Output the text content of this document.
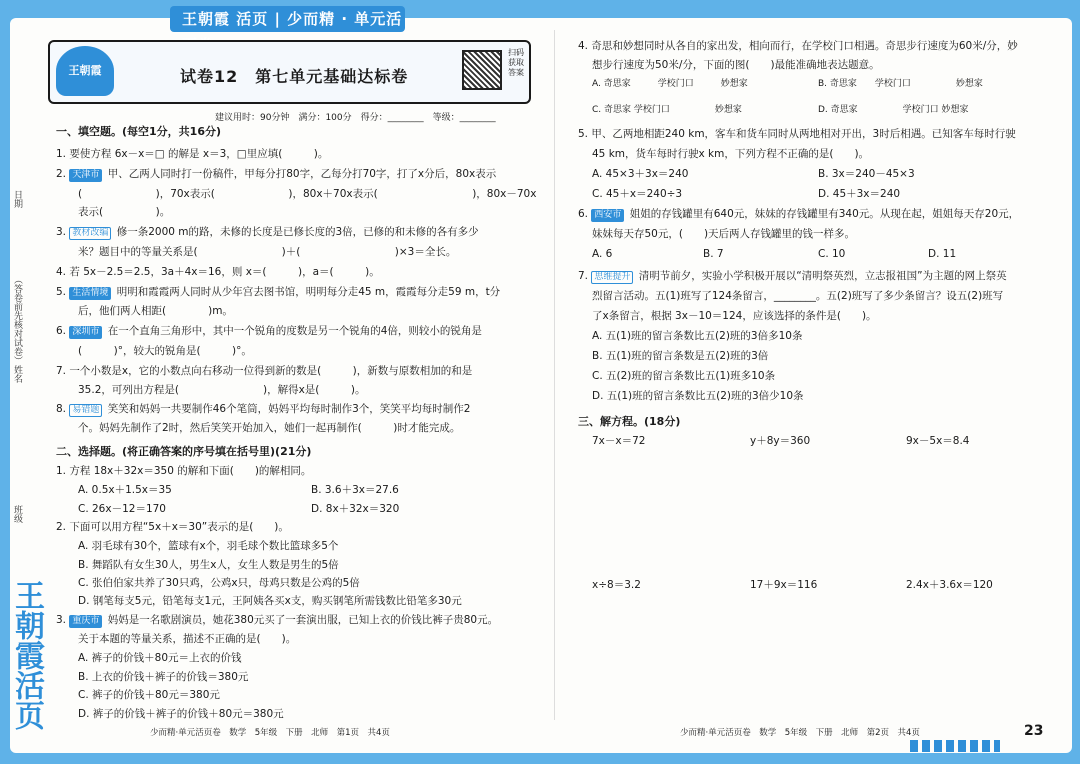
王朝霞 活页 | 少而精 · 单元活
王朝霞	试卷12　第七单元基础达标卷
扫码获取答案
建议用时：90分钟　满分：100分　得分：________　等级：________
日期
（答卷前先核对试卷）
姓名
班级
王朝霞活页
一、填空题。(每空1分，共16分)
1. 要使方程 6x－x＝□ 的解是 x＝3，□里应填(　　　)。
2. 天津市 甲、乙两人同时打一份稿件，甲每分打80字，乙每分打70字，打了x分后，80x表示
(　　　　　　　)，70x表示(　　　　　　　)，80x＋70x表示(　　　　　　　　　)，80x－70x
表示(　　　　　)。
3. 教材改编 修一条2000 m的路，未修的长度是已修长度的3倍，已修的和未修的各有多少
米？题目中的等量关系是(　　　　　　　　)＋(　　　　　　　　　)×3＝全长。
4. 若 5x－2.5＝2.5，3a＋4x＝16，则 x＝(　　　)，a＝(　　　)。
5. 生活情境 明明和霞霞两人同时从少年宫去图书馆，明明每分走45 m，霞霞每分走59 m，t分
后，他们两人相距(　　　　)m。
6. 深圳市 在一个直角三角形中，其中一个锐角的度数是另一个锐角的4倍，则较小的锐角是
(　　　)°，较大的锐角是(　　　)°。
7. 一个小数是x，它的小数点向右移动一位得到新的数是(　　　)，新数与原数相加的和是
35.2，可列出方程是(　　　　　　　　)，解得x是(　　　)。
8. 易错题 笑笑和妈妈一共要制作46个笔筒，妈妈平均每时制作3个，笑笑平均每时制作2
个。妈妈先制作了2时，然后笑笑开始加入，她们一起再制作(　　　)时才能完成。
二、选择题。(将正确答案的序号填在括号里)(21分)
1. 方程 18x＋32x＝350 的解和下面(　　)的解相同。
A. 0.5x＋1.5x＝35	B. 3.6＋3x＝27.6
C. 26x－12＝170	D. 8x＋32x＝320
2. 下面可以用方程“5x＋x＝30”表示的是(　　)。
A. 羽毛球有30个，篮球有x个，羽毛球个数比篮球多5个
B. 舞蹈队有女生30人，男生x人，女生人数是男生的5倍
C. 张伯伯家共养了30只鸡，公鸡x只，母鸡只数是公鸡的5倍
D. 钢笔每支5元，铅笔每支1元，王阿姨各买x支，购买钢笔所需钱数比铅笔多30元
3. 重庆市 妈妈是一名歌剧演员，她花380元买了一套演出服，已知上衣的价钱比裤子贵80元。
关于本题的等量关系，描述不正确的是(　　)。
A. 裤子的价钱＋80元＝上衣的价钱
B. 上衣的价钱＋裤子的价钱＝380元
C. 裤子的价钱＋80元＝380元
D. 裤子的价钱＋裤子的价钱＋80元＝380元
4. 奇思和妙想同时从各自的家出发，相向而行，在学校门口相遇。奇思步行速度为60米/分，妙
想步行速度为50米/分，下面的图(　　)最能准确地表达题意。
A. 奇思家　　　学校门口　　　妙想家	B. 奇思家　　学校门口　　　　　妙想家
C. 奇思家 学校门口　　　　　妙想家	D. 奇思家　　　　　学校门口 妙想家
5. 甲、乙两地相距240 km，客车和货车同时从两地相对开出，3时后相遇。已知客车每时行驶
45 km，货车每时行驶x km，下列方程不正确的是(　　)。
A. 45×3＋3x＝240	B. 3x＝240－45×3
C. 45＋x＝240÷3	D. 45＋3x＝240
6. 西安市 姐姐的存钱罐里有640元，妹妹的存钱罐里有340元。从现在起，姐姐每天存20元，
妹妹每天存50元，(　　)天后两人存钱罐里的钱一样多。
A. 6	B. 7	C. 10	D. 11
7. 思维提升 清明节前夕，实验小学积极开展以“清明祭英烈，立志报祖国”为主题的网上祭英
烈留言活动。五(1)班写了124条留言，________。五(2)班写了多少条留言？设五(2)班写
了x条留言，根据 3x－10＝124，应该选择的条件是(　　)。
A. 五(1)班的留言条数比五(2)班的3倍多10条
B. 五(1)班的留言条数是五(2)班的3倍
C. 五(2)班的留言条数比五(1)班多10条
D. 五(1)班的留言条数比五(2)班的3倍少10条
三、解方程。(18分)
7x－x＝72	y＋8y＝360	9x－5x＝8.4
x÷8＝3.2	17＋9x＝116	2.4x＋3.6x＝120
少而精·单元活页卷　数学　5年级　下册　北师　第1页　共4页	少而精·单元活页卷　数学　5年级　下册　北师　第2页　共4页	23
